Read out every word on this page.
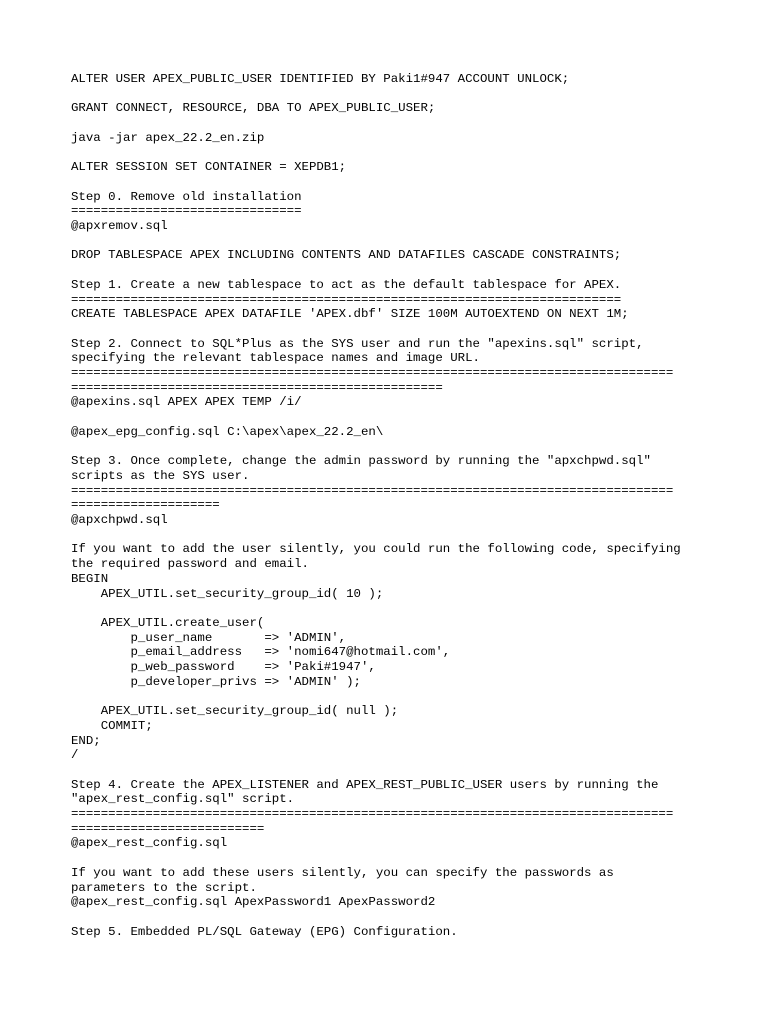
ALTER USER APEX_PUBLIC_USER IDENTIFIED BY Paki1#947 ACCOUNT UNLOCK;
GRANT CONNECT, RESOURCE, DBA TO APEX_PUBLIC_USER;
java -jar apex_22.2_en.zip
ALTER SESSION SET CONTAINER = XEPDB1;
Step 0. Remove old installation
===============================
@apxremov.sql
DROP TABLESPACE APEX INCLUDING CONTENTS AND DATAFILES CASCADE CONSTRAINTS;
Step 1. Create a new tablespace to act as the default tablespace for APEX.
==========================================================================
CREATE TABLESPACE APEX DATAFILE 'APEX.dbf' SIZE 100M AUTOEXTEND ON NEXT 1M;
Step 2. Connect to SQL*Plus as the SYS user and run the "apexins.sql" script,
specifying the relevant tablespace names and image URL.
=================================================================================
==================================================
@apexins.sql APEX APEX TEMP /i/
@apex_epg_config.sql C:\apex\apex_22.2_en\
Step 3. Once complete, change the admin password by running the "apxchpwd.sql"
scripts as the SYS user.
=================================================================================
====================
@apxchpwd.sql
If you want to add the user silently, you could run the following code, specifying
the required password and email.
BEGIN
APEX_UTIL.set_security_group_id( 10 );
APEX_UTIL.create_user(
p_user_name       => 'ADMIN',
p_email_address   => 'nomi647@hotmail.com',
p_web_password    => 'Paki#1947',
p_developer_privs => 'ADMIN' );
APEX_UTIL.set_security_group_id( null );
COMMIT;
END;
/
Step 4. Create the APEX_LISTENER and APEX_REST_PUBLIC_USER users by running the
"apex_rest_config.sql" script.
=================================================================================
==========================
@apex_rest_config.sql
If you want to add these users silently, you can specify the passwords as
parameters to the script.
@apex_rest_config.sql ApexPassword1 ApexPassword2
Step 5. Embedded PL/SQL Gateway (EPG) Configuration.
